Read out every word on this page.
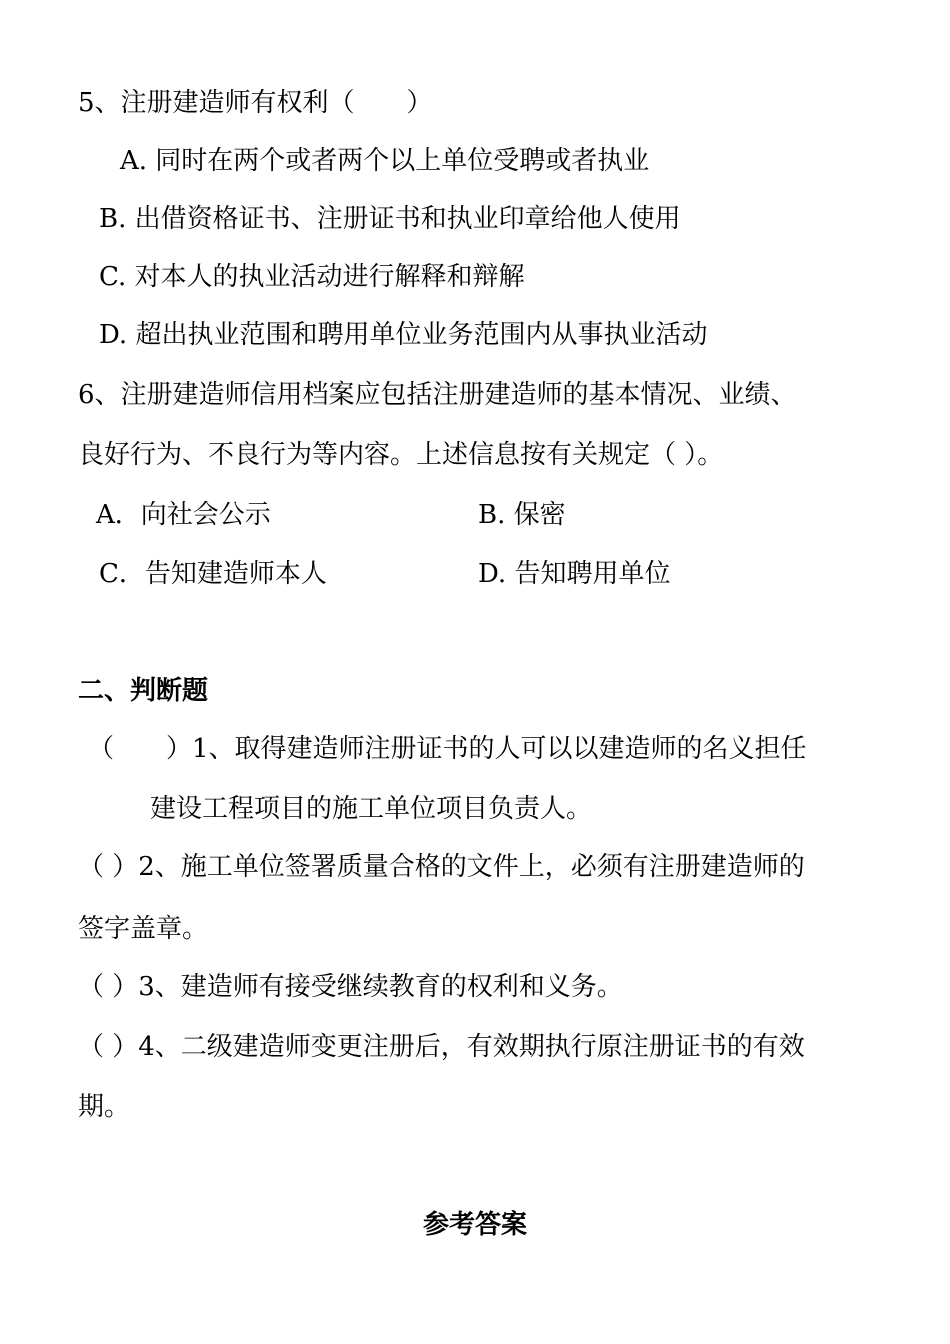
5、注册建造师有权利（　　）
A. 同时在两个或者两个以上单位受聘或者执业
B. 出借资格证书、注册证书和执业印章给他人使用
C. 对本人的执业活动进行解释和辩解
D. 超出执业范围和聘用单位业务范围内从事执业活动
6、注册建造师信用档案应包括注册建造师的基本情况、业绩、
良好行为、不良行为等内容。上述信息按有关规定（ ）。
A．向社会公示	B. 保密
C．告知建造师本人	D. 告知聘用单位
二、判断题
（　　）1、取得建造师注册证书的人可以以建造师的名义担任
建设工程项目的施工单位项目负责人。
（ ）2、施工单位签署质量合格的文件上，必须有注册建造师的
签字盖章。
（ ）3、建造师有接受继续教育的权利和义务。
（ ）4、二级建造师变更注册后，有效期执行原注册证书的有效
期。
参考答案
